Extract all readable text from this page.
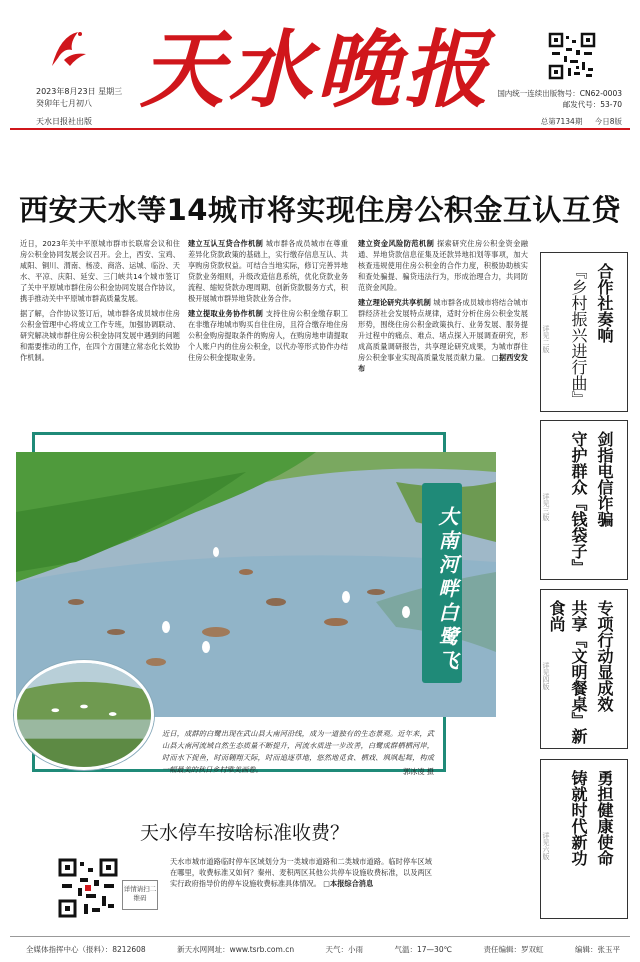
2023年8月23日 星期三
癸卯年七月初八
天水日报社出版
天水晚报 国内统一连续出版物号：CN62-0003
邮发代号：53-70
总第7134期 今日8版
西安天水等14城市将实现住房公积金互认互贷

近日，2023年关中平原城市群市长联席会议和住房公积金协同发展会议召开。会上，西安、宝鸡、咸阳、铜川、渭南、杨凌、商洛、运城、临汾、天水、平凉、庆阳、延安、三门峡共14个城市签订了关中平原城市群住房公积金协同发展合作协议，携手推动关中平原城市群高质量发展。

据了解，合作协议签订后，城市群各成员城市住房公积金管理中心将成立工作专班，加强协调联动、研究解决城市群住房公积金协同发展中遇到的问题和需要推动的工作，在四个方面建立常态化长效协作机制。

建立互认互贷合作机制 城市群各成员城市在尊重差异化贷款政策的基础上，实行缴存信息互认、共享购房贷款权益。可结合当地实际，修订完善异地贷款业务细则，升级改造信息系统，优化贷款业务流程、缩短贷款办理周期、创新贷款服务方式，积极开展城市群异地贷款业务合作。

建立提取业务协作机制 支持住房公积金缴存职工在非缴存地城市购买自住住房，且符合缴存地住房公积金购房提取条件的购房人，在购房地申请提取个人账户内的住房公积金，以代办等形式协作办结住房公积金提取业务。

建立资金风险防范机制 探索研究住房公积金资金融通、异地贷款信息征集及还款异地扣划等事项，加大核查违规使用住房公积金的合作力度，积极协助核实和查处骗提、骗贷违法行为，形成治理合力，共同防范资金风险。

建立理论研究共享机制 城市群各成员城市将结合城市群经济社会发展特点规律，适时分析住房公积金发展形势，围绕住房公积金政策执行、业务发展、服务提升过程中的痛点、难点、堵点探入开展调查研究，形成高质量调研报告，共享理论研究成果，为城市群住房公积金事业实现高质量发展贡献力量。 □据西安发布

大南河畔白鹭飞
近日，成群的白鹭出现在武山县大南河沿线，成为一道独有的生态景观。近年来，武山县大南河流域自然生态质量不断提升，河流水质进一步改善，白鹭成群栖栖河岸，时而水下捉鱼，时而翱翔天际，时而追逐草地，悠然地觅食、栖戏、飒飒起舞，构成一幅最美的秋日乡村唯美画卷。	郭冰凌 摄
详见二版	合作社奏响
『乡村振兴进行曲』
详见三版	剑指电信诈骗
守护群众『钱袋子』
详见四版	专项行动显成效
共享『文明餐桌』新食尚
详见六版	勇担健康使命
铸就时代新功
天水停车按啥标准收费？
详情请扫二维码
天水市城市道路临时停车区域划分为一类城市道路和二类城市道路。临时停车区域在哪里，收费标准又如何？秦州、麦积两区其他公共停车设施收费标准，以及两区实行政府指导价的停车设施收费标准具体情况。 □本报综合消息
全媒体指挥中心（报料）：8212608	新天水网网址：www.tsrb.com.cn	天气：小雨	气温：17—30℃	责任编辑：罗双虹	编辑：张玉平
